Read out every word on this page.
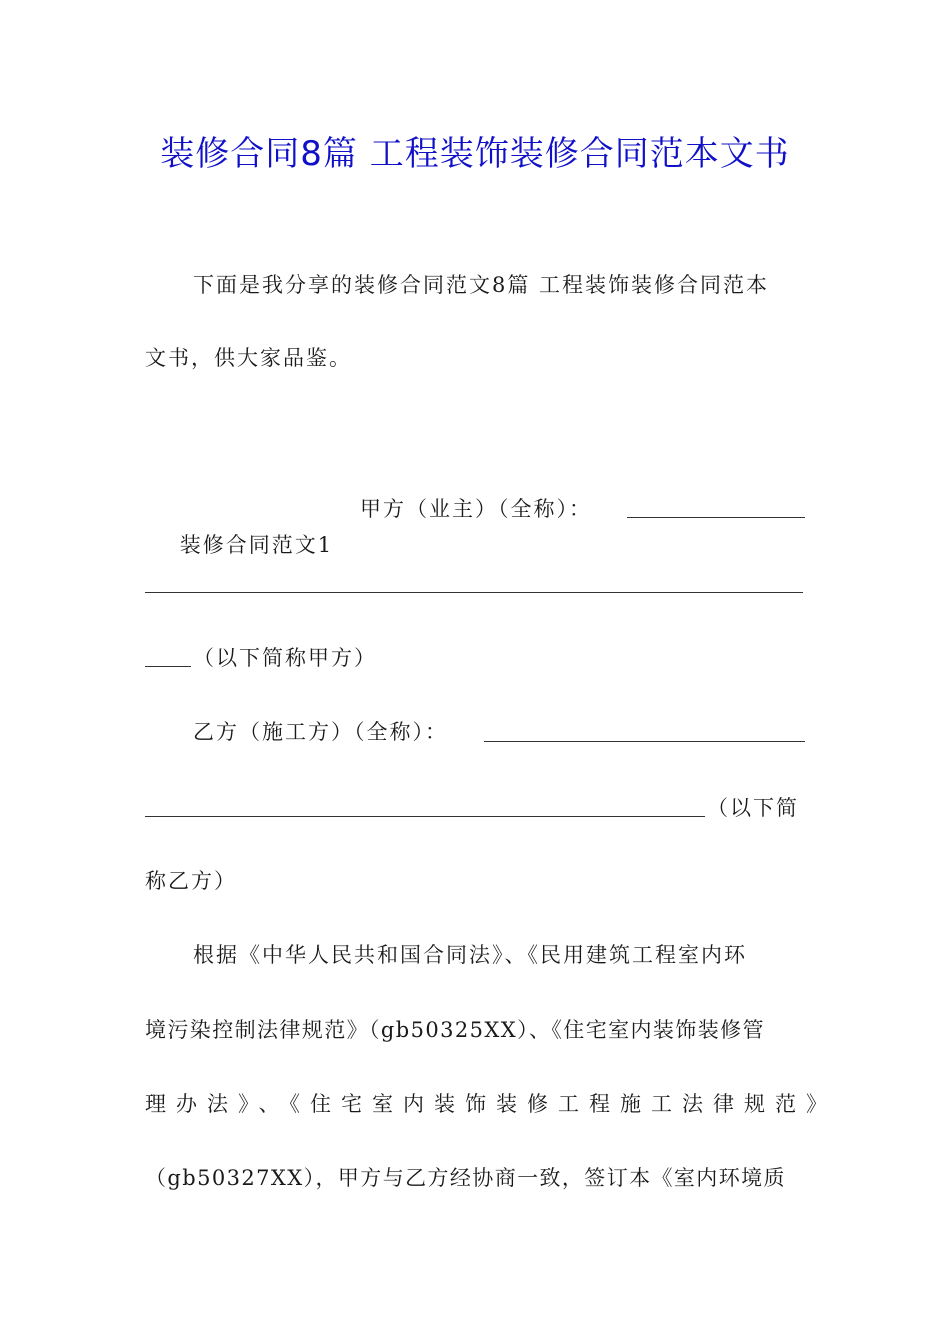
装修合同8篇 工程装饰装修合同范本文书
下面是我分享的装修合同范文8篇 工程装饰装修合同范本
文书，供大家品鉴。

装修合同范文1

甲方（业主）（全称）：
（以下简称甲方）
乙方（施工方）（全称）：
（以下简
称乙方）
根据《中华人民共和国合同法》、《民用建筑工程室内环
境污染控制法律规范》（gb50325XX）、《住宅室内装饰装修管
理办法》、《住宅室内装饰装修工程施工法律规范》
（gb50327XX），甲方与乙方经协商一致，签订本《室内环境质
